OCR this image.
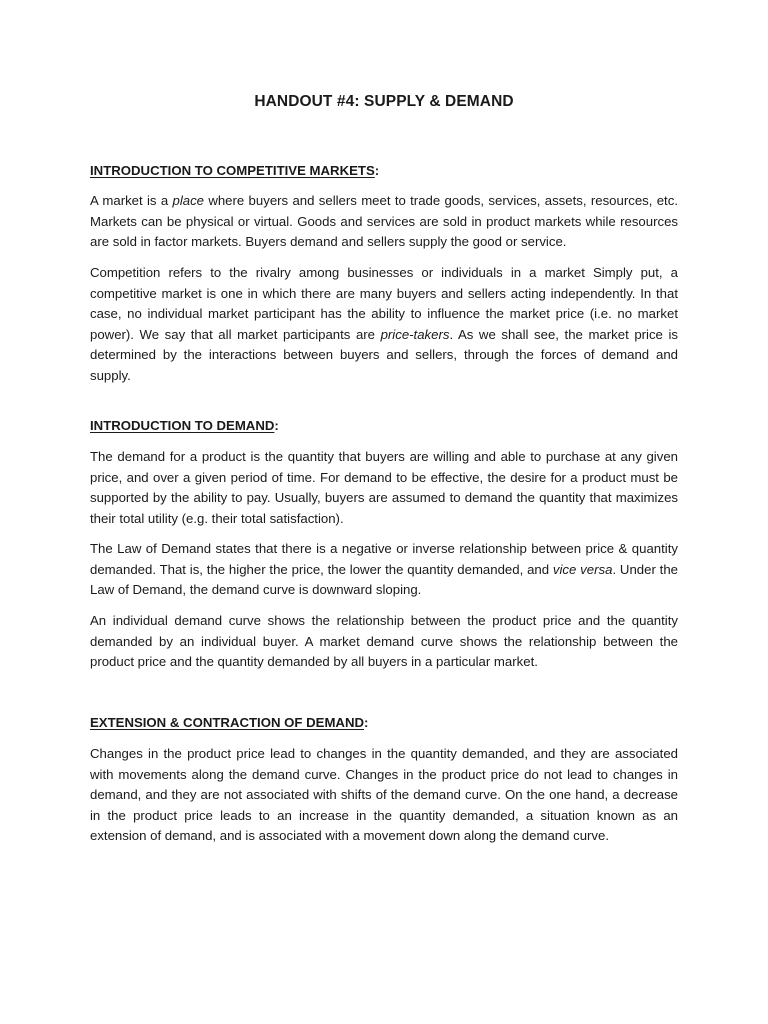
HANDOUT #4: SUPPLY & DEMAND
INTRODUCTION TO COMPETITIVE MARKETS:

A market is a place where buyers and sellers meet to trade goods, services, assets, resources, etc. Markets can be physical or virtual. Goods and services are sold in product markets while resources are sold in factor markets. Buyers demand and sellers supply the good or service.

Competition refers to the rivalry among businesses or individuals in a market Simply put, a competitive market is one in which there are many buyers and sellers acting independently. In that case, no individual market participant has the ability to influence the market price (i.e. no market power). We say that all market participants are price-takers. As we shall see, the market price is determined by the interactions between buyers and sellers, through the forces of demand and supply.

INTRODUCTION TO DEMAND:

The demand for a product is the quantity that buyers are willing and able to purchase at any given price, and over a given period of time. For demand to be effective, the desire for a product must be supported by the ability to pay. Usually, buyers are assumed to demand the quantity that maximizes their total utility (e.g. their total satisfaction).

The Law of Demand states that there is a negative or inverse relationship between price & quantity demanded. That is, the higher the price, the lower the quantity demanded, and vice versa. Under the Law of Demand, the demand curve is downward sloping.

An individual demand curve shows the relationship between the product price and the quantity demanded by an individual buyer. A market demand curve shows the relationship between the product price and the quantity demanded by all buyers in a particular market.

EXTENSION & CONTRACTION OF DEMAND:

Changes in the product price lead to changes in the quantity demanded, and they are associated with movements along the demand curve. Changes in the product price do not lead to changes in demand, and they are not associated with shifts of the demand curve. On the one hand, a decrease in the product price leads to an increase in the quantity demanded, a situation known as an extension of demand, and is associated with a movement down along the demand curve.
